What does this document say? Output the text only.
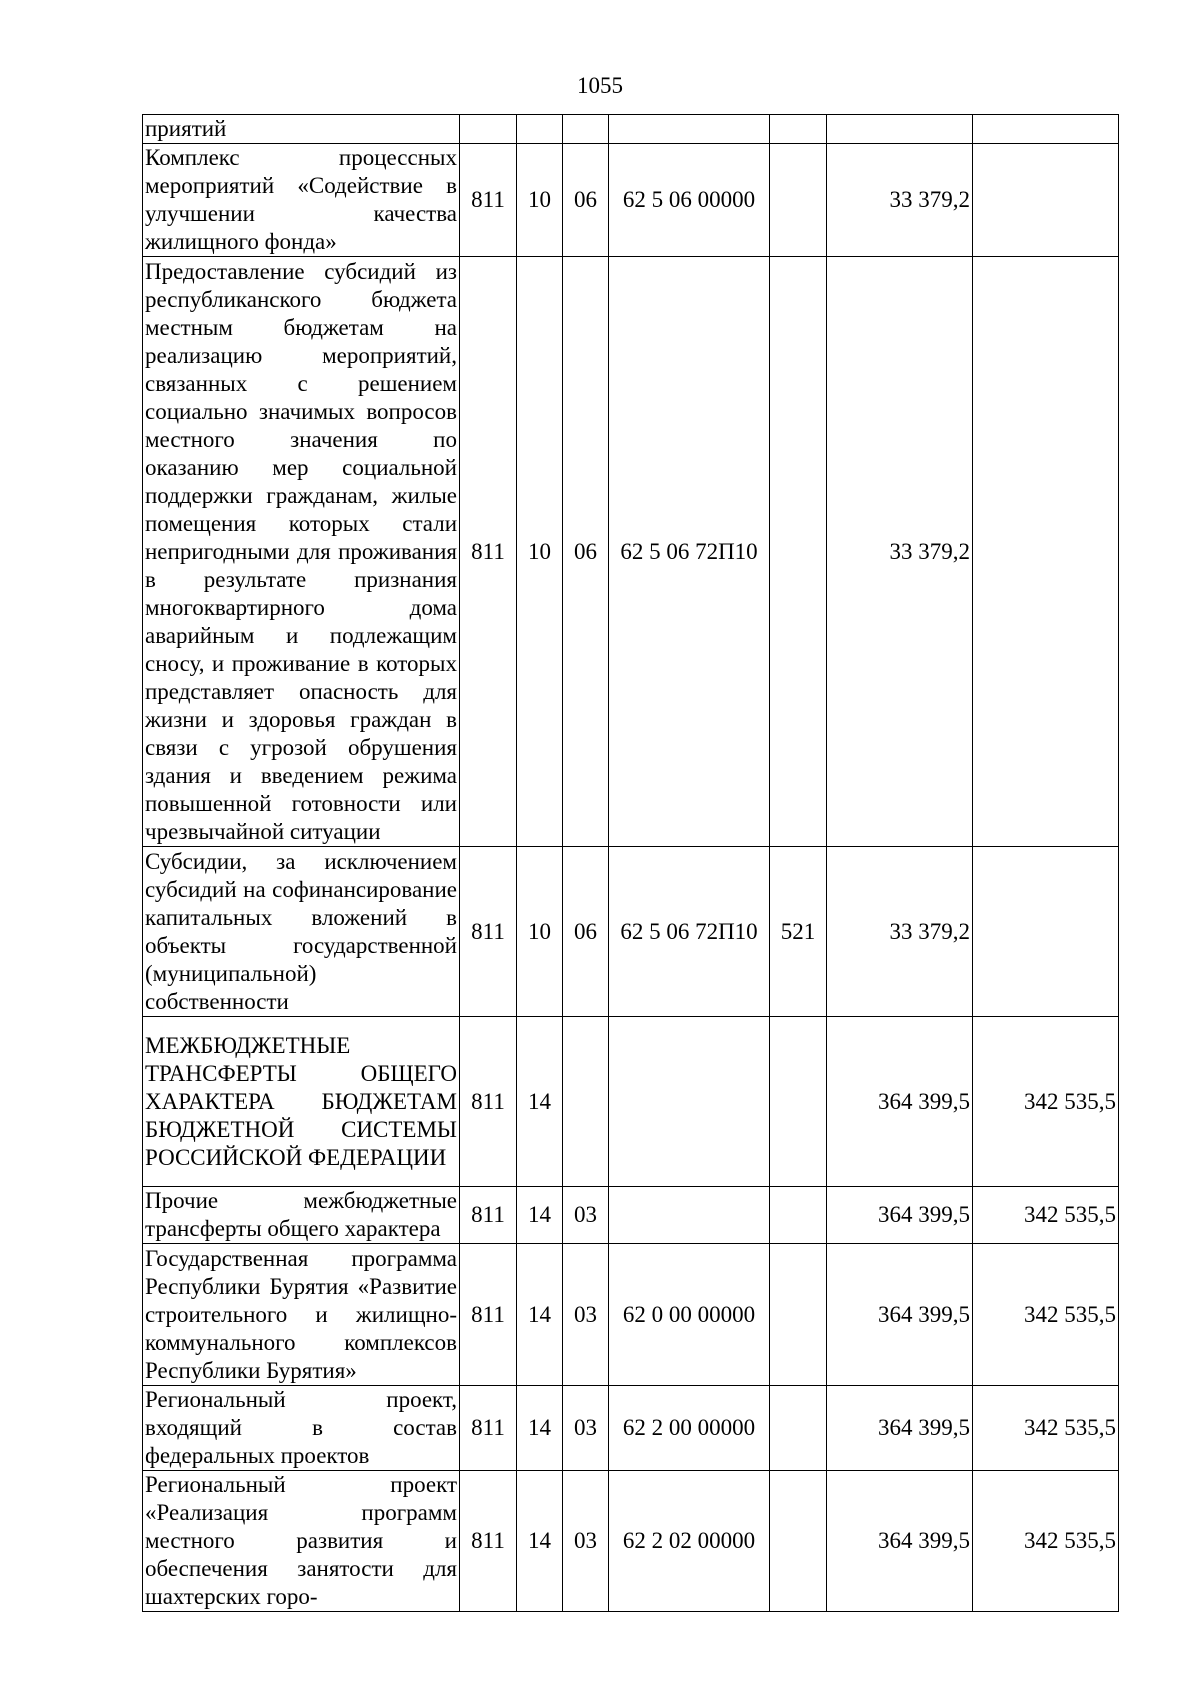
1055
приятий							
Комплекс процессных мероприятий «Содействие в улучшении качества жилищного фонда»	811	10	06	62 5 06 00000		33 379,2	
Предоставление субсидий из республиканского бюджета местным бюджетам на реализацию мероприятий, связанных с решением социально значимых вопросов местного значения по оказанию мер социальной поддержки гражданам, жилые помещения которых стали непригодными для проживания в результате признания многоквартирного дома аварийным и подлежащим сносу, и проживание в которых представляет опасность для жизни и здоровья граждан в связи с угрозой обрушения здания и введением режима повышенной готовности или чрезвычайной ситуации	811	10	06	62 5 06 72П10		33 379,2	
Субсидии, за исключением субсидий на софинансирование капитальных вложений в объекты государственной (муниципальной) собственности	811	10	06	62 5 06 72П10	521	33 379,2	
МЕЖБЮДЖЕТНЫЕ ТРАНСФЕРТЫ ОБЩЕГО ХАРАКТЕРА БЮДЖЕТАМ БЮДЖЕТНОЙ СИСТЕМЫ РОССИЙСКОЙ ФЕДЕРАЦИИ	811	14				364 399,5	342 535,5
Прочие межбюджетные трансферты общего характера	811	14	03			364 399,5	342 535,5
Государственная программа Республики Бурятия «Развитие строительного и жилищно-коммунального комплексов Республики Бурятия»	811	14	03	62 0 00 00000		364 399,5	342 535,5
Региональный проект, входящий в состав федеральных проектов	811	14	03	62 2 00 00000		364 399,5	342 535,5
Региональный проект «Реализация программ местного развития и обеспечения занятости для шахтерских горо-	811	14	03	62 2 02 00000		364 399,5	342 535,5
